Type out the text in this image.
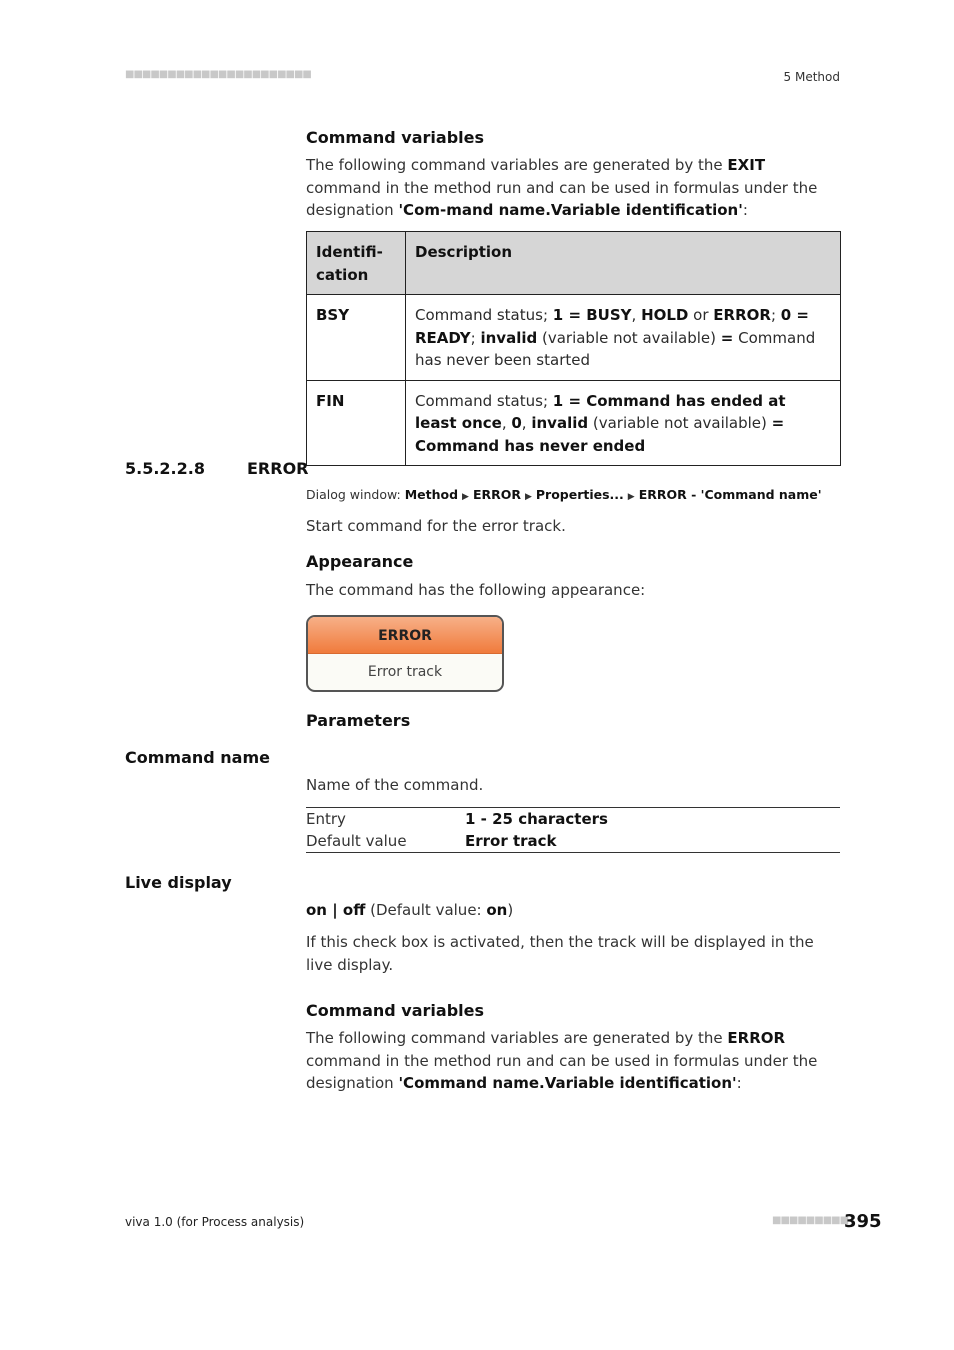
■■■■■■■■■■■■■■■■■■■■■■	5 Method
Command variables
The following command variables are generated by the EXIT command in the method run and can be used in formulas under the designation 'Com-mand name.Variable identification':
Identifi-cation	Description
BSY	Command status; 1 = BUSY, HOLD or ERROR; 0 = READY; invalid (variable not available) = Command has never been started
FIN	Command status; 1 = Command has ended at least once, 0, invalid (variable not available) = Command has never ended
5.5.2.2.8	ERROR
Dialog window: Method ▶ ERROR ▶ Properties... ▶ ERROR - 'Command name'
Start command for the error track.
Appearance
The command has the following appearance:
ERROR
Error track
Parameters
Command name
Name of the command.
Entry	1 - 25 characters
Default value	Error track
Live display
on | off (Default value: on)
If this check box is activated, then the track will be displayed in the live display.
Command variables
The following command variables are generated by the ERROR command in the method run and can be used in formulas under the designation 'Command name.Variable identification':
viva 1.0 (for Process analysis)	■■■■■■■■■
395
